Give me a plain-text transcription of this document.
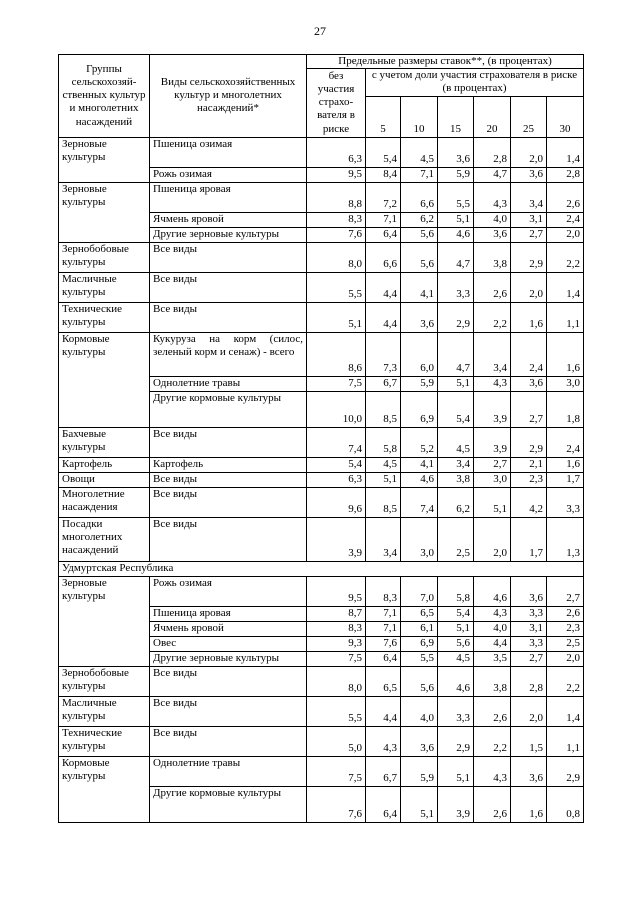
27
Группы сельскохозяй-ственных культур и многолетних насаждений	Виды сельскохозяйственных культур и многолетних насаждений*	Предельные размеры ставок**, (в процентах)						
		без участия страхо-вателя в риске	с учетом доли участия страхователя в риске (в процентах)					
			5	10	15	20	25	30
Зерновые культуры	Пшеница озимая	6,3	5,4	4,5	3,6	2,8	2,0	1,4
	Рожь озимая	9,5	8,4	7,1	5,9	4,7	3,6	2,8
Зерновые культуры	Пшеница яровая	8,8	7,2	6,6	5,5	4,3	3,4	2,6
	Ячмень яровой	8,3	7,1	6,2	5,1	4,0	3,1	2,4
	Другие зерновые культуры	7,6	6,4	5,6	4,6	3,6	2,7	2,0
Зернобобовые культуры	Все виды	8,0	6,6	5,6	4,7	3,8	2,9	2,2
Масличные культуры	Все виды	5,5	4,4	4,1	3,3	2,6	2,0	1,4
Технические культуры	Все виды	5,1	4,4	3,6	2,9	2,2	1,6	1,1
Кормовые культуры	Кукуруза на корм (силос, зеленый корм и сенаж) - всего	8,6	7,3	6,0	4,7	3,4	2,4	1,6
	Однолетние травы	7,5	6,7	5,9	5,1	4,3	3,6	3,0
	Другие кормовые культуры	10,0	8,5	6,9	5,4	3,9	2,7	1,8
Бахчевые культуры	Все виды	7,4	5,8	5,2	4,5	3,9	2,9	2,4
Картофель	Картофель	5,4	4,5	4,1	3,4	2,7	2,1	1,6
Овощи	Все виды	6,3	5,1	4,6	3,8	3,0	2,3	1,7
Многолетние насаждения	Все виды	9,6	8,5	7,4	6,2	5,1	4,2	3,3
Посадки многолетних насаждений	Все виды	3,9	3,4	3,0	2,5	2,0	1,7	1,3
Удмуртская Республика								
Зерновые культуры	Рожь озимая	9,5	8,3	7,0	5,8	4,6	3,6	2,7
	Пшеница яровая	8,7	7,1	6,5	5,4	4,3	3,3	2,6
	Ячмень яровой	8,3	7,1	6,1	5,1	4,0	3,1	2,3
	Овес	9,3	7,6	6,9	5,6	4,4	3,3	2,5
	Другие зерновые культуры	7,5	6,4	5,5	4,5	3,5	2,7	2,0
Зернобобовые культуры	Все виды	8,0	6,5	5,6	4,6	3,8	2,8	2,2
Масличные культуры	Все виды	5,5	4,4	4,0	3,3	2,6	2,0	1,4
Технические культуры	Все виды	5,0	4,3	3,6	2,9	2,2	1,5	1,1
Кормовые культуры	Однолетние травы	7,5	6,7	5,9	5,1	4,3	3,6	2,9
	Другие кормовые культуры	7,6	6,4	5,1	3,9	2,6	1,6	0,8
